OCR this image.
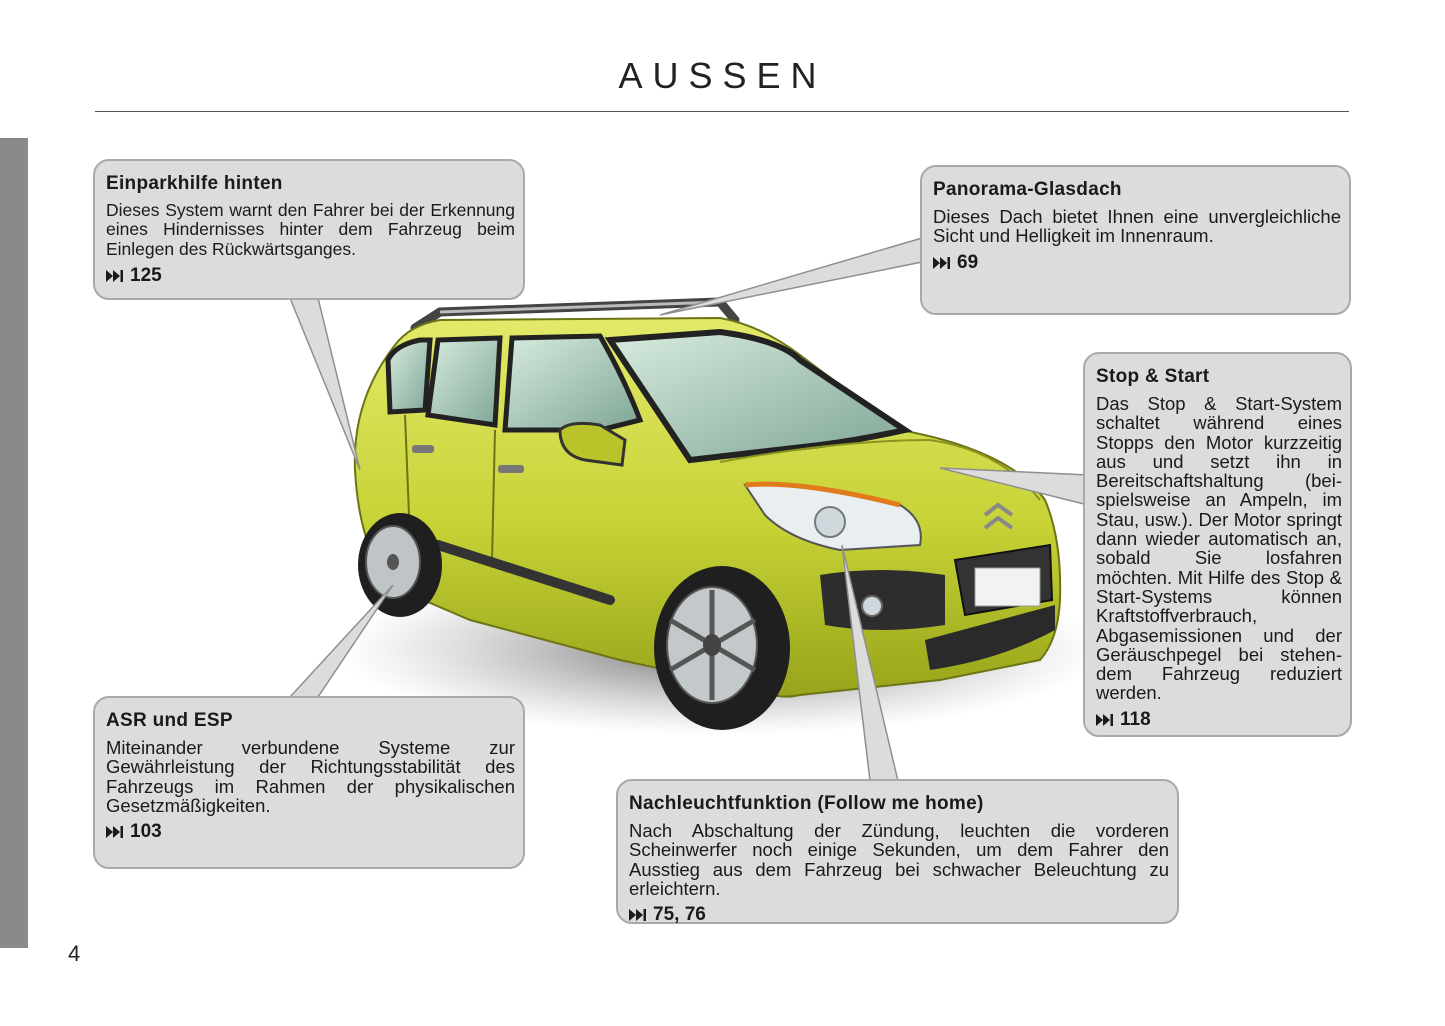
AUSSEN
Einparkhilfe hinten

Dieses System warnt den Fahrer bei der Erkennung eines Hindernisses hinter dem Fahrzeug beim Einlegen des Rückwärtsganges.

125
Panorama-Glasdach

Dieses Dach bietet Ihnen eine unvergleichliche Sicht und Helligkeit im Innenraum.

69
Stop & Start

Das Stop & Start-System schaltet während eines Stopps den Motor kurzzeitig aus und setzt ihn in Bereitschaftshaltung (beispielsweise an Ampeln, im Stau, usw.). Der Motor springt dann wieder automatisch an, sobald Sie losfahren möchten. Mit Hilfe des Stop & Start-Systems können Kraftstoffverbrauch, Abgasemissionen und der Geräuschpegel bei stehendem Fahrzeug reduziert werden.

118
ASR und ESP

Miteinander verbundene Systeme zur Gewährleistung der Richtungsstabilität des Fahrzeugs im Rahmen der physikalischen Gesetzmäßigkeiten.

103
Nachleuchtfunktion (Follow me home)

Nach Abschaltung der Zündung, leuchten die vorderen Scheinwerfer noch einige Sekunden, um dem Fahrer den Ausstieg aus dem Fahrzeug bei schwacher Beleuchtung zu erleichtern.

75, 76
4
